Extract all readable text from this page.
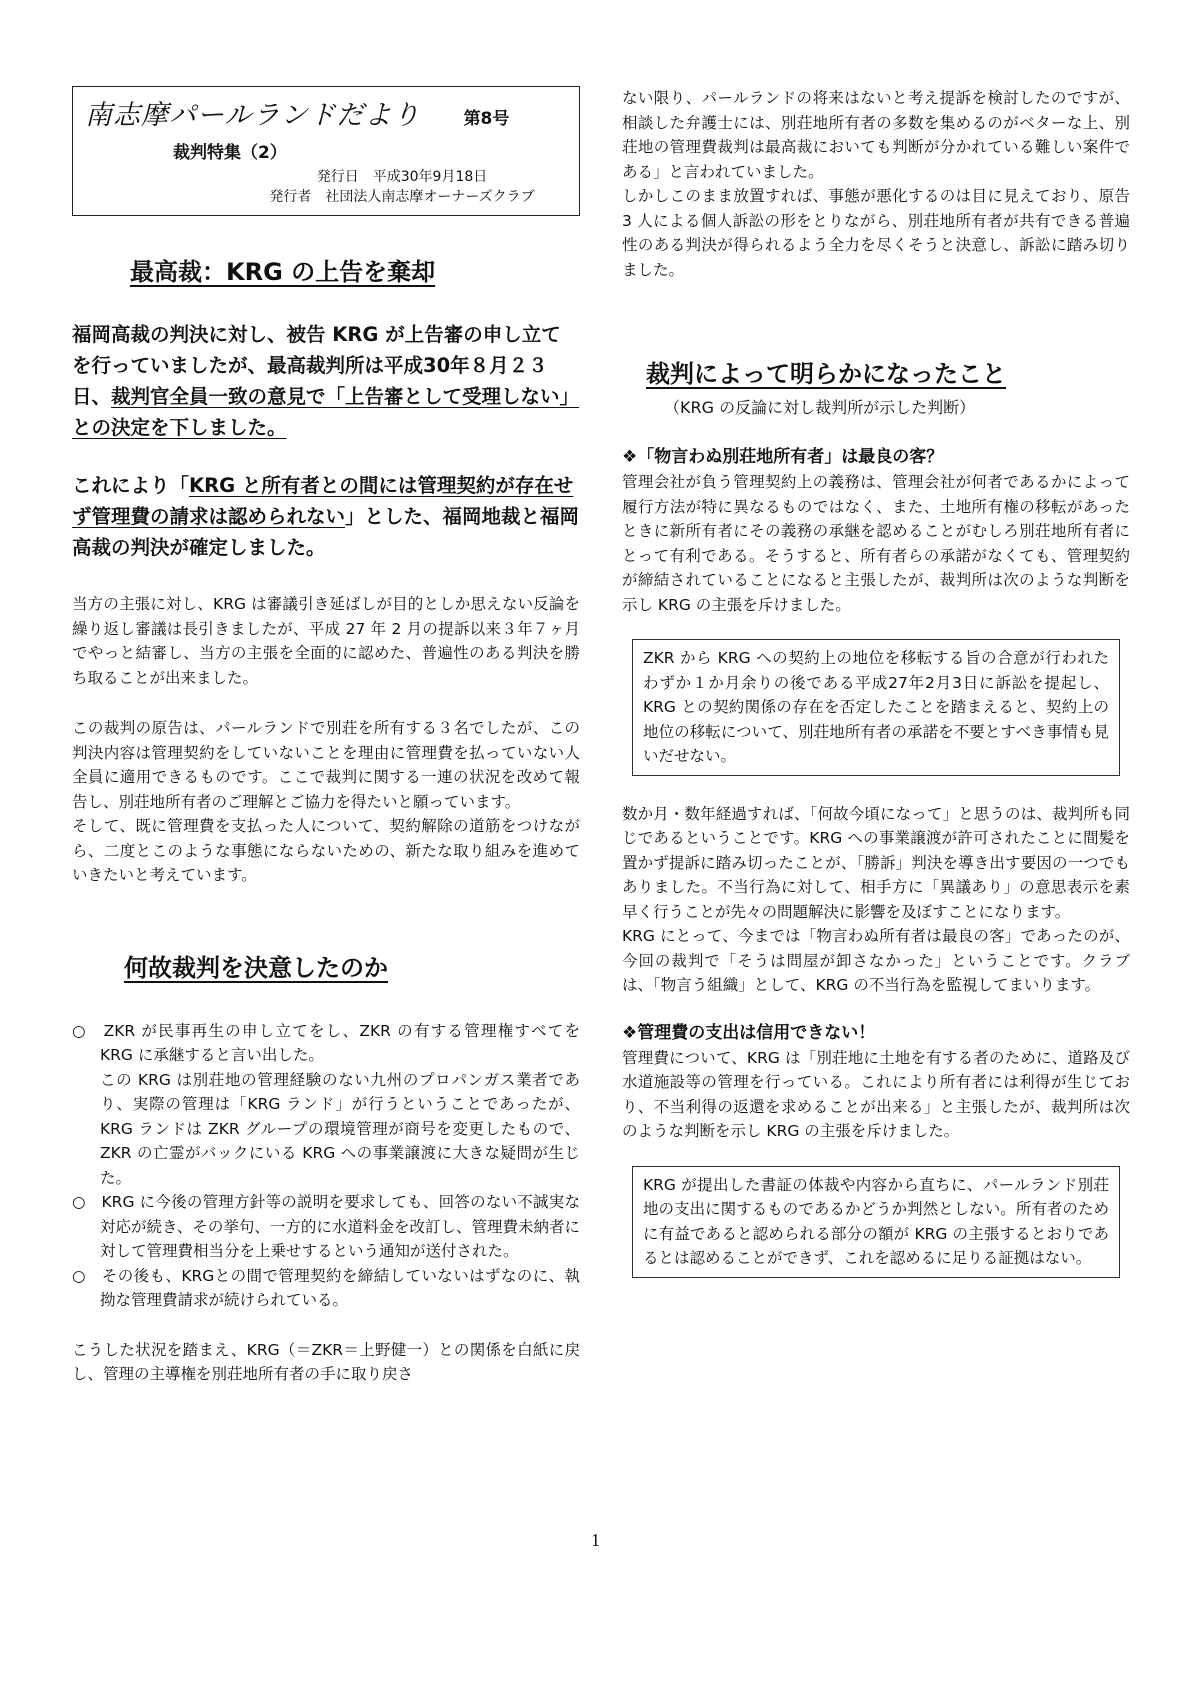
南志摩パールランドだより	第8号
裁判特集（2）
発行日　平成30年9月18日
発行者　社団法人南志摩オーナーズクラブ
最高裁：KRG の上告を棄却
福岡高裁の判決に対し、被告 KRG が上告審の申し立てを行っていましたが、最高裁判所は平成30年８月２３日、裁判官全員一致の意見で「上告審として受理しない」との決定を下しました。
これにより「KRG と所有者との間には管理契約が存在せず管理費の請求は認められない」とした、福岡地裁と福岡高裁の判決が確定しました。

当方の主張に対し、KRG は審議引き延ばしが目的としか思えない反論を繰り返し審議は長引きましたが、平成 27 年 2 月の提訴以来３年７ヶ月でやっと結審し、当方の主張を全面的に認めた、普遍性のある判決を勝ち取ることが出来ました。

この裁判の原告は、パールランドで別荘を所有する３名でしたが、この判決内容は管理契約をしていないことを理由に管理費を払っていない人全員に適用できるものです。ここで裁判に関する一連の状況を改めて報告し、別荘地所有者のご理解とご協力を得たいと願っています。

そして、既に管理費を支払った人について、契約解除の道筋をつけながら、二度とこのような事態にならないための、新たな取り組みを進めていきたいと考えています。

何故裁判を決意したのか
○　 ZKR が民事再生の申し立てをし、ZKR の有する管理権すべてを KRG に承継すると言い出した。
この KRG は別荘地の管理経験のない九州のプロパンガス業者であり、実際の管理は「KRG ランド」が行うということであったが、KRG ランドは ZKR グループの環境管理が商号を変更したもので、ZKR の亡霊がバックにいる KRG への事業譲渡に大きな疑問が生じた。
○　 KRG に今後の管理方針等の説明を要求しても、回答のない不誠実な対応が続き、その挙句、一方的に水道料金を改訂し、管理費未納者に対して管理費相当分を上乗せするという通知が送付された。
○　 その後も、KRGとの間で管理契約を締結していないはずなのに、執拗な管理費請求が続けられている。

こうした状況を踏まえ、KRG（＝ZKR＝上野健一）との関係を白紙に戻し、管理の主導権を別荘地所有者の手に取り戻さ

ない限り、パールランドの将来はないと考え提訴を検討したのですが、相談した弁護士には、別荘地所有者の多数を集めるのがベターな上、別荘地の管理費裁判は最高裁においても判断が分かれている難しい案件である」と言われていました。

しかしこのまま放置すれば、事態が悪化するのは目に見えており、原告 3 人による個人訴訟の形をとりながら、別荘地所有者が共有できる普遍性のある判決が得られるよう全力を尽くそうと決意し、訴訟に踏み切りました。

裁判によって明らかになったこと
（KRG の反論に対し裁判所が示した判断）
❖「物言わぬ別荘地所有者」は最良の客？

管理会社が負う管理契約上の義務は、管理会社が何者であるかによって履行方法が特に異なるものではなく、また、土地所有権の移転があったときに新所有者にその義務の承継を認めることがむしろ別荘地所有者にとって有利である。そうすると、所有者らの承諾がなくても、管理契約が締結されていることになると主張したが、裁判所は次のような判断を示し KRG の主張を斥けました。

ZKR から KRG への契約上の地位を移転する旨の合意が行われたわずか１か月余りの後である平成27年2月3日に訴訟を提起し、KRG との契約関係の存在を否定したことを踏まえると、契約上の地位の移転について、別荘地所有者の承諾を不要とすべき事情も見いだせない。

数か月・数年経過すれば、「何故今頃になって」と思うのは、裁判所も同じであるということです。KRG への事業譲渡が許可されたことに間髪を置かず提訴に踏み切ったことが、「勝訴」判決を導き出す要因の一つでもありました。不当行為に対して、相手方に「異議あり」の意思表示を素早く行うことが先々の問題解決に影響を及ぼすことになります。

KRG にとって、今までは「物言わぬ所有者は最良の客」であったのが、今回の裁判で「そうは問屋が卸さなかった」ということです。クラブは、「物言う組織」として、KRG の不当行為を監視してまいります。

❖管理費の支出は信用できない！

管理費について、KRG は「別荘地に土地を有する者のために、道路及び水道施設等の管理を行っている。これにより所有者には利得が生じており、不当利得の返還を求めることが出来る」と主張したが、裁判所は次のような判断を示し KRG の主張を斥けました。

KRG が提出した書証の体裁や内容から直ちに、パールランド別荘地の支出に関するものであるかどうか判然としない。所有者のために有益であると認められる部分の額が KRG の主張するとおりであるとは認めることができず、これを認めるに足りる証拠はない。
1
